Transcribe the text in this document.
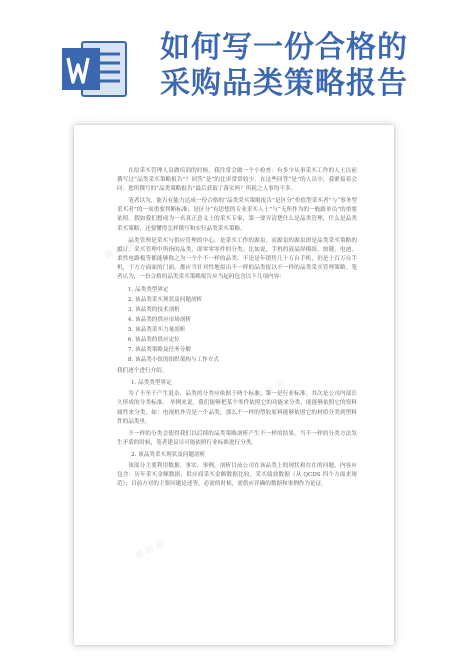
如何写一份合格的
采购品类策略报告

在给采买管理人员做培训的时候，我往常会做一个小检查：有多少从事采买工作的人士以前撰写过“品类采买策略报告”？回答“是”的比率常常较少。在这些回答“是”的人员中，我紧接着会问：您所撰写的“品类策略报告”最后获取了落实吗？所耗之人事均不多。

笔者以为，能否有能力达成一份合格的“品类采买策略报告”是区分“价值型采买者”与“事务型采买者”的一项重要判断标准；是区分“有思想的专业采买人士”与“无所作为的一般跟单员”的重要依照。假如我们想成为一名真正意义上的采买专家，第一要弄清楚什么是品类管理，什么是品类采买策略，还要懂得怎样撰写和实行品类采买策略。

品类管理是采买与供应管理的中心，是采买工作的源泉，而源泉的源泉即是品类采买策略的拟订。采买管理中所指的品类，即零零零件的分类。比如说，手机的液晶屏模组、按键、电池、柔性电路板等都能够称之为一个个不一样的品类。不论是年销售几十万台手机，仍是上百万台手机，于方方面面的门面，都应当针对性地拟出不一样的品类报以不一样的品类采买管理策略。笔者认为，一份合格的品类采买策略报告应当起码包含以下几项内容：

1. 品类类型界定
2. 该品类采买现状及问题剖析
3. 该品类的技术剖析
4. 该品类的供应市场剖析
5. 该品类采买力量剖析
6. 该品类的供应定位
7. 该品类策略及任务分解
8. 该品类小组的组织架构与工作方式

我们逐个进行介绍。

1. 品类类型界定

为了不至于产生混杂，品类的分类应依据于两个标准。第一是行业标准。其次是公司内部长久形成的分类标准。 举例来说，我们能够把某个零件依照它的功能来分类，能能够依照它的资料属性来分类，如：电视机外壳是一个品类，那么不一样的塑胶原料能够依照它的材质分类到塑料件的品类里。

不一样的分类会使得我们以后续的品类策略剖析产生不一样的结果。当不一样的分类方法发生矛盾的时候，笔者建议尽可能依照行业标准进行分类。

2. 该品类采买现状及问题剖析

该部分主要利用数据、事实，事例，剖析目前公司在该品类上的现状和存在的问题，内容应包含：历年采买金额数据；供应商采买金额数据比较，采买绩效数据（从 QCDS 四个方面来规范）；目前方对的主要问题论述等。必需的时候，需供应详确的数据和事例作为论证。

▦ ▦ ▦
▦ ▦ ▦
▦ ▦ ▦
